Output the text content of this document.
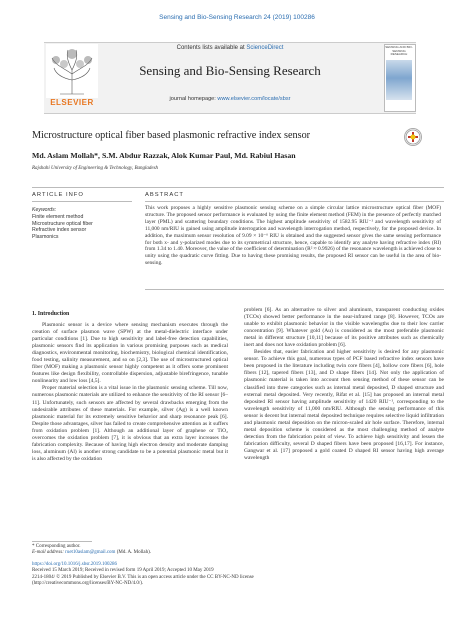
Sensing and Bio-Sensing Research 24 (2019) 100286
ELSEVIER
Contents lists available at ScienceDirect
Sensing and Bio-Sensing Research
journal homepage: www.elsevier.com/locate/sbsr
SENSING AND BIO-SENSING RESEARCH
Microstructure optical fiber based plasmonic refractive index sensor
Md. Aslam Mollah*, S.M. Abdur Razzak, Alok Kumar Paul, Md. Rabiul Hasan
Rajshahi University of Engineering & Technology, Bangladesh
ARTICLE INFO	ABSTRACT
Keywords:
Finite element method
Microstructure optical fiber
Refractive index sensor
Plasmonics
This work proposes a highly sensitive plasmonic sensing scheme on a simple circular lattice microstructure optical fiber (MOF) structure. The proposed sensor performance is evaluated by using the finite element method (FEM) in the presence of perfectly matched layer (PML) and scattering boundary conditions. The highest amplitude sensitivity of 1582.95 RIU⁻¹ and wavelength sensitivity of 11,000 nm/RIU is gained using amplitude interrogation and wavelength interrogation method, respectively, for the proposed device. In addition, the maximum sensor resolution of 9.09 × 10⁻⁶ RIU is obtained and the suggested sensor gives the same sensing performance for both x- and y-polarized modes due to its symmetrical structure, hence, capable to identify any analyte having refractive index (RI) from 1.34 to 1.40. Moreover, the value of the coefficient of determination (R² ≈ 0.9926) of the resonance wavelength is achieved close to unity using the quadratic curve fitting. Due to having these promising results, the proposed RI sensor can be useful in the area of bio-sensing.
1. Introduction

Plasmonic sensor is a device where sensing mechanism executes through the creation of surface plasmon wave (SPW) at the metal-dielectric interface under particular conditions [1]. Due to high sensitivity and label-free detection capabilities, plasmonic sensors find its application in various promising purposes such as medical diagnostics, environmental monitoring, biochemistry, biological chemical identification, food testing, salinity measurement, and so on [2,3]. The use of microstructured optical fiber (MOF) making a plasmonic sensor highly competent as it offers some prominent features like design flexibility, controllable dispersion, adjustable birefringence, tunable nonlinearity and low loss [4,5].

Proper material selection is a vital issue in the plasmonic sensing scheme. Till now, numerous plasmonic materials are utilized to enhance the sensitivity of the RI sensor [6–11]. Unfortunately, such sensors are affected by several drawbacks emerging from the undesirable attributes of these materials. For example, silver (Ag) is a well known plasmonic material for its extremely sensitive behavior and sharp resonance peak [6]. Despite those advantages, silver has failed to create comprehensive attention as it suffers from oxidation problem [1]. Although an additional layer of graphene or TiO₂ overcomes the oxidation problem [7], it is obvious that an extra layer increases the fabrication complexity. Because of having high electron density and moderate damping loss, aluminum (Al) is another strong candidate to be a potential plasmonic metal but it is also affected by the oxidation

problem [6]. As an alternative to silver and aluminum, transparent conducting oxides (TCOs) showed better performance in the near-infrared range [8]. However, TCOs are unable to exhibit plasmonic behavior in the visible wavelengths due to their low carrier concentration [9]. Whatever gold (Au) is considered as the most preferable plasmonic metal in different structure [10,11] because of its positive attributes such as chemically inert and does not have oxidation problem [6].

Besides that, easier fabrication and higher sensitivity is desired for any plasmonic sensor. To achieve this goal, numerous types of PCF based refractive index sensors have been proposed in the literature including twin core fibers [4], hollow core fibers [6], hole fibers [12], tapered fibers [13], and D shape fibers [14]. Not only the application of plasmonic material is taken into account then sensing method of these sensor can be classified into three categories such as internal metal deposited, D shaped structure and external metal deposited. Very recently, Rifat et al. [15] has proposed an internal metal deposited RI sensor having amplitude sensitivity of 1420 RIU⁻¹, corresponding to the wavelength sensitivity of 11,000 nm/RIU. Although the sensing performance of this sensor is decent but internal metal deposited technique requires selective liquid infiltration and plasmonic metal deposition on the micron-scaled air hole surface. Therefore, internal metal deposition scheme is considered as the most challenging method of analyte detection from the fabrication point of view. To achieve high sensitivity and lessen the fabrication difficulty, several D shaped fibers have been proposed [16,17]. For instance, Gangwar et al. [17] proposed a gold coated D shaped RI sensor having high average wavelength

* Corresponding author.
E-mail address: ruet10aslam@gmail.com (Md. A. Mollah).
https://doi.org/10.1016/j.sbsr.2019.100286
Received 15 March 2019; Received in revised form 19 April 2019; Accepted 10 May 2019
2214-1804/ © 2019 Published by Elsevier B.V. This is an open access article under the CC BY-NC-ND license
(http://creativecommons.org/licenses/BY-NC-ND/4.0/).
